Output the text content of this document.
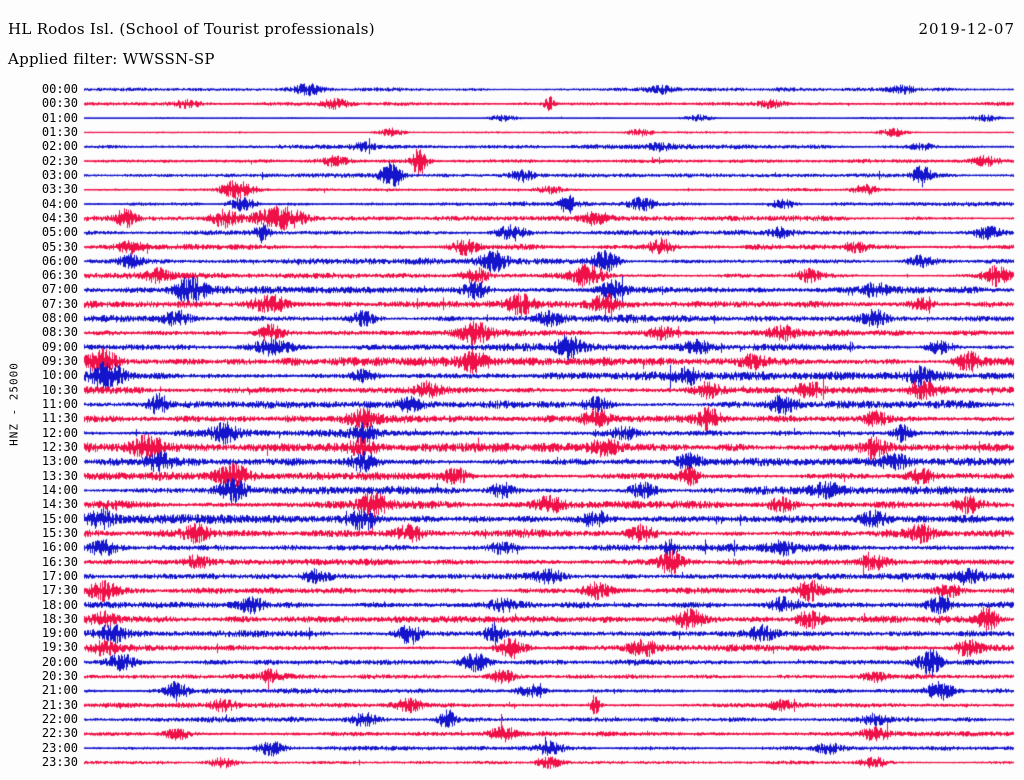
HL Rodos Isl. (School of Tourist professionals)	2019-12-07
Applied filter: WWSSN-SP
HNZ - 25000
00:00
00:30
01:00
01:30
02:00
02:30
03:00
03:30
04:00
04:30
05:00
05:30
06:00
06:30
07:00
07:30
08:00
08:30
09:00
09:30
10:00
10:30
11:00
11:30
12:00
12:30
13:00
13:30
14:00
14:30
15:00
15:30
16:00
16:30
17:00
17:30
18:00
18:30
19:00
19:30
20:00
20:30
21:00
21:30
22:00
22:30
23:00
23:30
